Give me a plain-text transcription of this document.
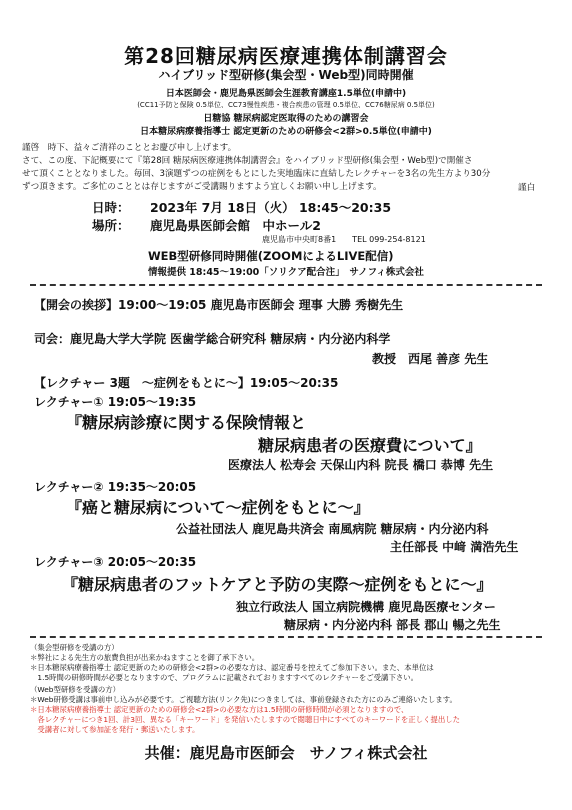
第28回糖尿病医療連携体制講習会
ハイブリッド型研修(集会型・Web型)同時開催
日本医師会・鹿児島県医師会生涯教育講座1.5単位(申請中)
(CC11予防と保険 0.5単位、CC73慢性疾患・複合疾患の管理 0.5単位、CC76糖尿病 0.5単位)
日糖協 糖尿病認定医取得のための講習会
日本糖尿病療養指導士 認定更新のための研修会<2群>0.5単位(申請中)
謹啓　時下、益々ご清祥のこととお慶び申し上げます。
さて、この度、下記概要にて『第28回 糖尿病医療連携体制講習会』をハイブリッド型研修(集会型・Web型)で開催さ
せて頂くこととなりました。毎回、3演題ずつの症例をもとにした実地臨床に直結したレクチャーを3名の先生方より30分
ずつ頂きます。ご多忙のこととは存じますがご受講賜りますよう宜しくお願い申し上げます。	謹白
日時： 2023年 7月 18日（火） 18:45～20:35
場所： 鹿児島県医師会館　中ホール2
鹿児島市中央町8番1　　TEL 099-254-8121
WEB型研修同時開催(ZOOMによるLIVE配信)
情報提供 18:45～19:00「ソリクア配合注」　サノフィ株式会社
【開会の挨拶】19:00～19:05 鹿児島市医師会 理事 大勝 秀樹先生
司会：鹿児島大学大学院 医歯学総合研究科 糖尿病・内分泌内科学
教授　西尾 善彦 先生
【レクチャー 3題　～症例をもとに～】19:05～20:35
レクチャー① 19:05～19:35
『糖尿病診療に関する保険情報と
糖尿病患者の医療費について』
医療法人 松寿会 天保山内科 院長 橋口 恭博 先生
レクチャー② 19:35～20:05
『癌と糖尿病について～症例をもとに～』
公益社団法人 鹿児島共済会 南風病院 糖尿病・内分泌内科
主任部長 中﨑 満浩先生
レクチャー③ 20:05～20:35
『糖尿病患者のフットケアと予防の実際～症例をもとに～』
独立行政法人 国立病院機構 鹿児島医療センター
糖尿病・内分泌内科 部長 郡山 暢之先生
（集会型研修を受講の方）
＊弊社による先生方の旅費負担が出来かねますことを御了承下さい。
＊日本糖尿病療養指導士 認定更新のための研修会<2群>の必要な方は、認定番号を控えてご参加下さい。また、本単位は
　1.5時間の研修時間が必要となりますので、プログラムに記載されておりますすべてのレクチャーをご受講下さい。
（Web型研修を受講の方）
＊Web研修受講は事前申し込みが必要です。ご視聴方法(リンク先)につきましては、事前登録された方にのみご連絡いたします。
＊日本糖尿病療養指導士 認定更新のための研修会<2群>の必要な方は1.5時間の研修時間が必須となりますので、
　各レクチャーにつき1回、計3回、異なる「キーワード」を発信いたしますので閲聴日中にすべてのキーワードを正しく提出した
　受講者に対して参加証を発行・郵送いたします。
共催：鹿児島市医師会　サノフィ株式会社
